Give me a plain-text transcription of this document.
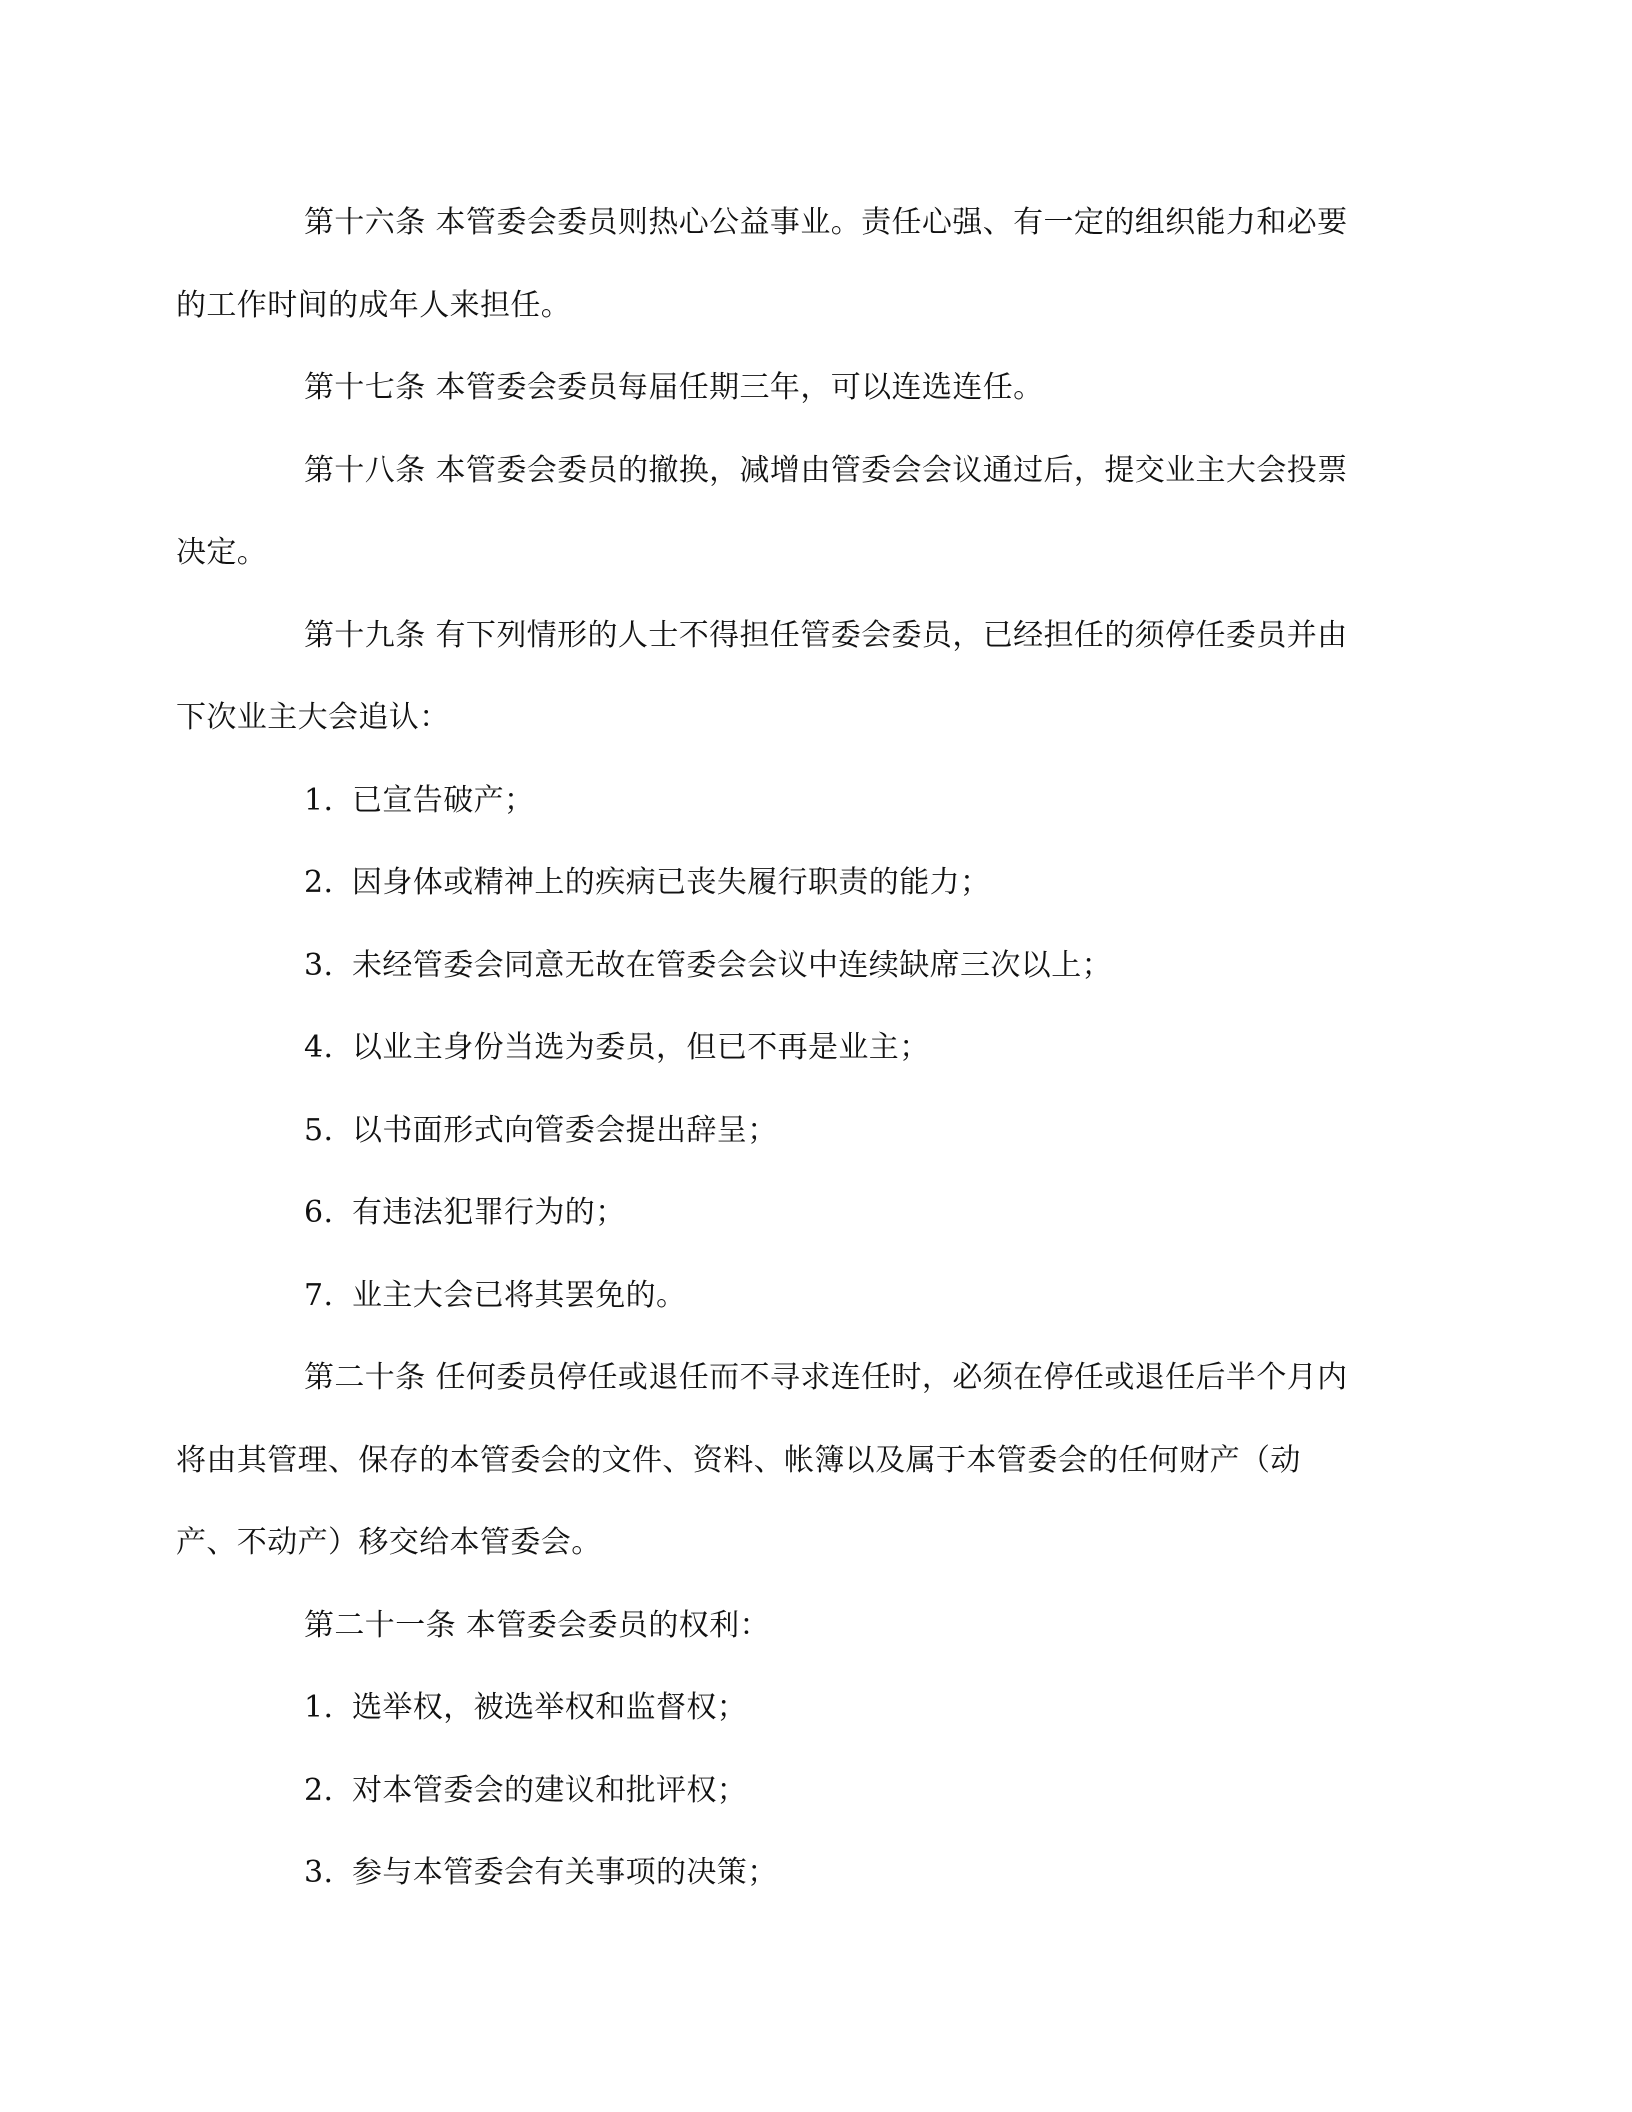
第十六条 本管委会委员则热心公益事业。责任心强、有一定的组织能力和必要
的工作时间的成年人来担任。
第十七条 本管委会委员每届任期三年，可以连选连任。
第十八条 本管委会委员的撤换，减增由管委会会议通过后，提交业主大会投票
决定。
第十九条 有下列情形的人士不得担任管委会委员，已经担任的须停任委员并由
下次业主大会追认：
1. 已宣告破产；
2. 因身体或精神上的疾病已丧失履行职责的能力；
3. 未经管委会同意无故在管委会会议中连续缺席三次以上；
4. 以业主身份当选为委员，但已不再是业主；
5. 以书面形式向管委会提出辞呈；
6. 有违法犯罪行为的；
7. 业主大会已将其罢免的。
第二十条 任何委员停任或退任而不寻求连任时，必须在停任或退任后半个月内
将由其管理、保存的本管委会的文件、资料、帐簿以及属于本管委会的任何财产（动
产、不动产）移交给本管委会。
第二十一条 本管委会委员的权利：
1. 选举权，被选举权和监督权；
2. 对本管委会的建议和批评权；
3. 参与本管委会有关事项的决策；
